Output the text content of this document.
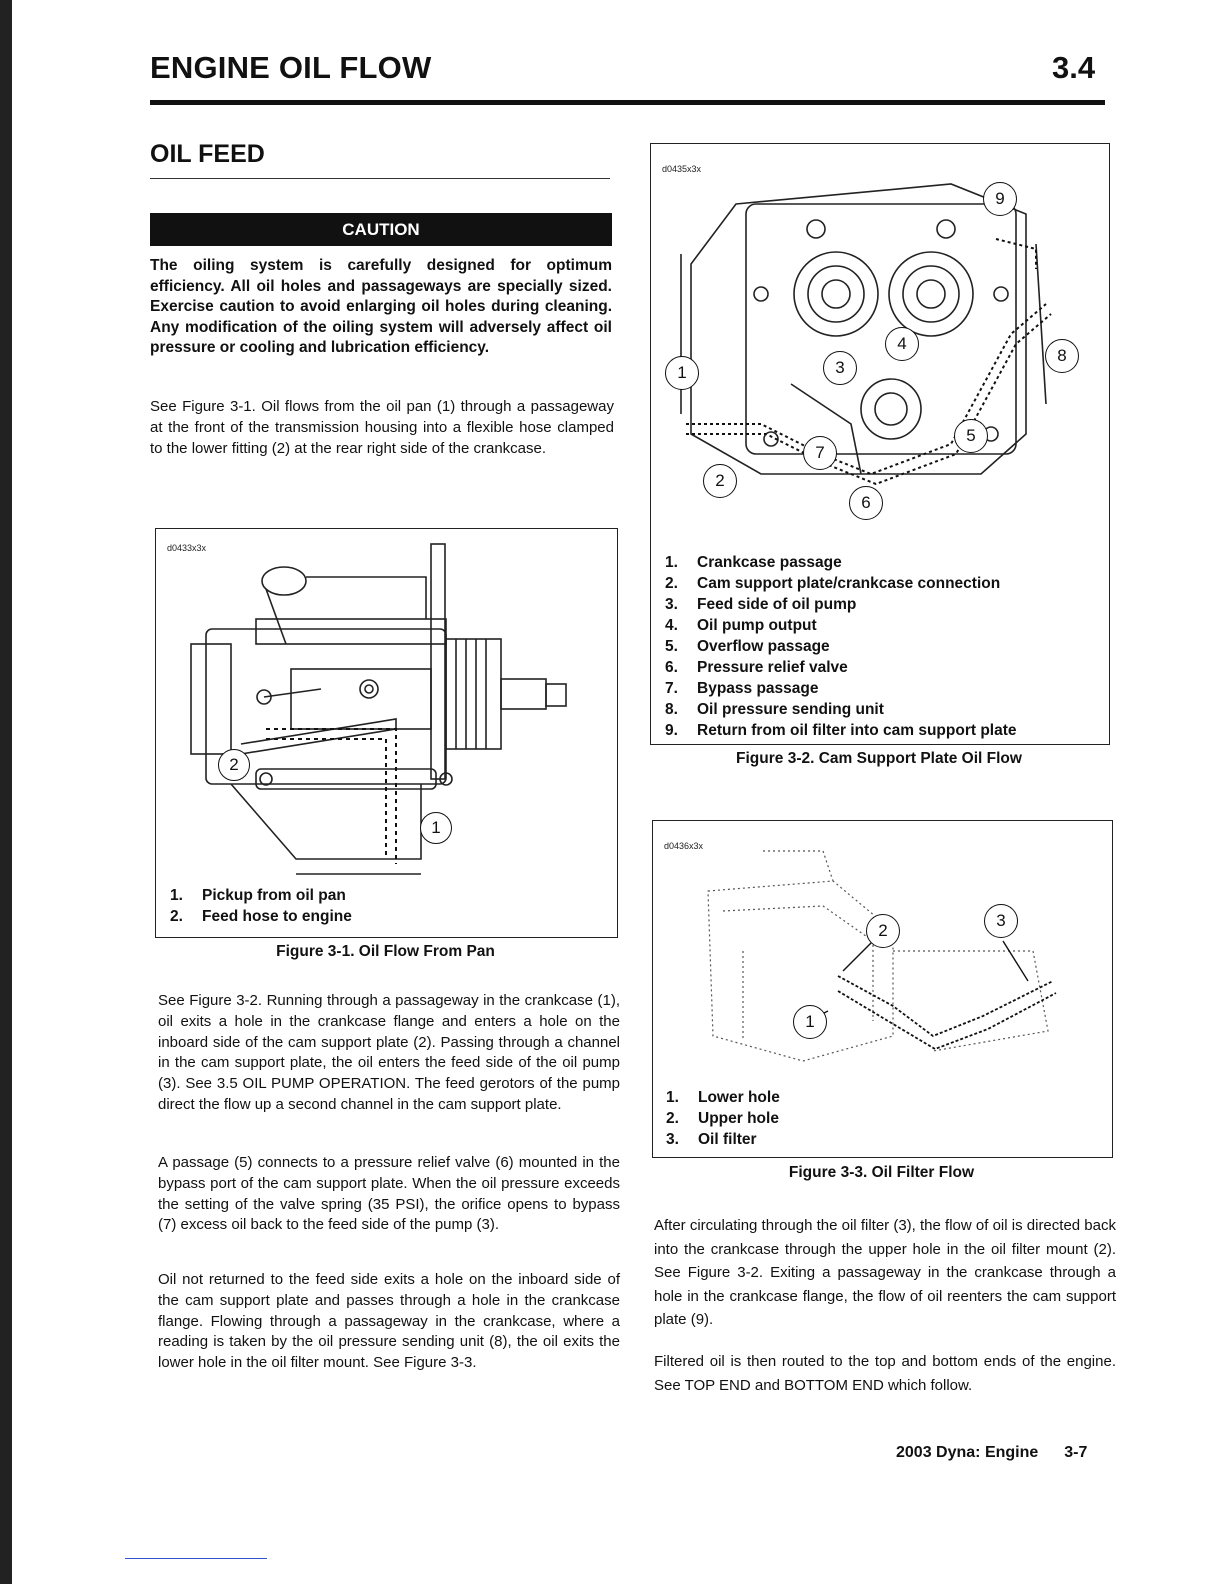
ENGINE OIL FLOW	3.4
OIL FEED
CAUTION
The oiling system is carefully designed for optimum efficiency. All oil holes and passageways are specially sized. Exercise caution to avoid enlarging oil holes during cleaning. Any modification of the oiling system will adversely affect oil pressure or cooling and lubrication efficiency.
See Figure 3-1. Oil flows from the oil pan (1) through a passageway at the front of the transmission housing into a flexible hose clamped to the lower fitting (2) at the rear right side of the crankcase.
d0433x3x
2
1
1. Pickup from oil pan
2. Feed hose to engine
Figure 3-1. Oil Flow From Pan
See Figure 3-2. Running through a passageway in the crankcase (1), oil exits a hole in the crankcase flange and enters a hole on the inboard side of the cam support plate (2). Passing through a channel in the cam support plate, the oil enters the feed side of the oil pump (3). See 3.5 OIL PUMP OPERATION. The feed gerotors of the pump direct the flow up a second channel in the cam support plate.
A passage (5) connects to a pressure relief valve (6) mounted in the bypass port of the cam support plate. When the oil pressure exceeds the setting of the valve spring (35 PSI), the orifice opens to bypass (7) excess oil back to the feed side of the pump (3).
Oil not returned to the feed side exits a hole on the inboard side of the cam support plate and passes through a hole in the crankcase flange. Flowing through a passageway in the crankcase, where a reading is taken by the oil pressure sending unit (8), the oil exits the lower hole in the oil filter mount. See Figure 3-3.
d0435x3x
1
2
3
4
5
6
7
8
9
1. Crankcase passage
2. Cam support plate/crankcase connection
3. Feed side of oil pump
4. Oil pump output
5. Overflow passage
6. Pressure relief valve
7. Bypass passage
8. Oil pressure sending unit
9. Return from oil filter into cam support plate
Figure 3-2. Cam Support Plate Oil Flow
d0436x3x
2
3
1
1. Lower hole
2. Upper hole
3. Oil filter
Figure 3-3. Oil Filter Flow
After circulating through the oil filter (3), the flow of oil is directed back into the crankcase through the upper hole in the oil filter mount (2). See Figure 3-2. Exiting a passageway in the crankcase through a hole in the crankcase flange, the flow of oil reenters the cam support plate (9).
Filtered oil is then routed to the top and bottom ends of the engine. See TOP END and BOTTOM END which follow.
2003 Dyna: Engine 3-7
